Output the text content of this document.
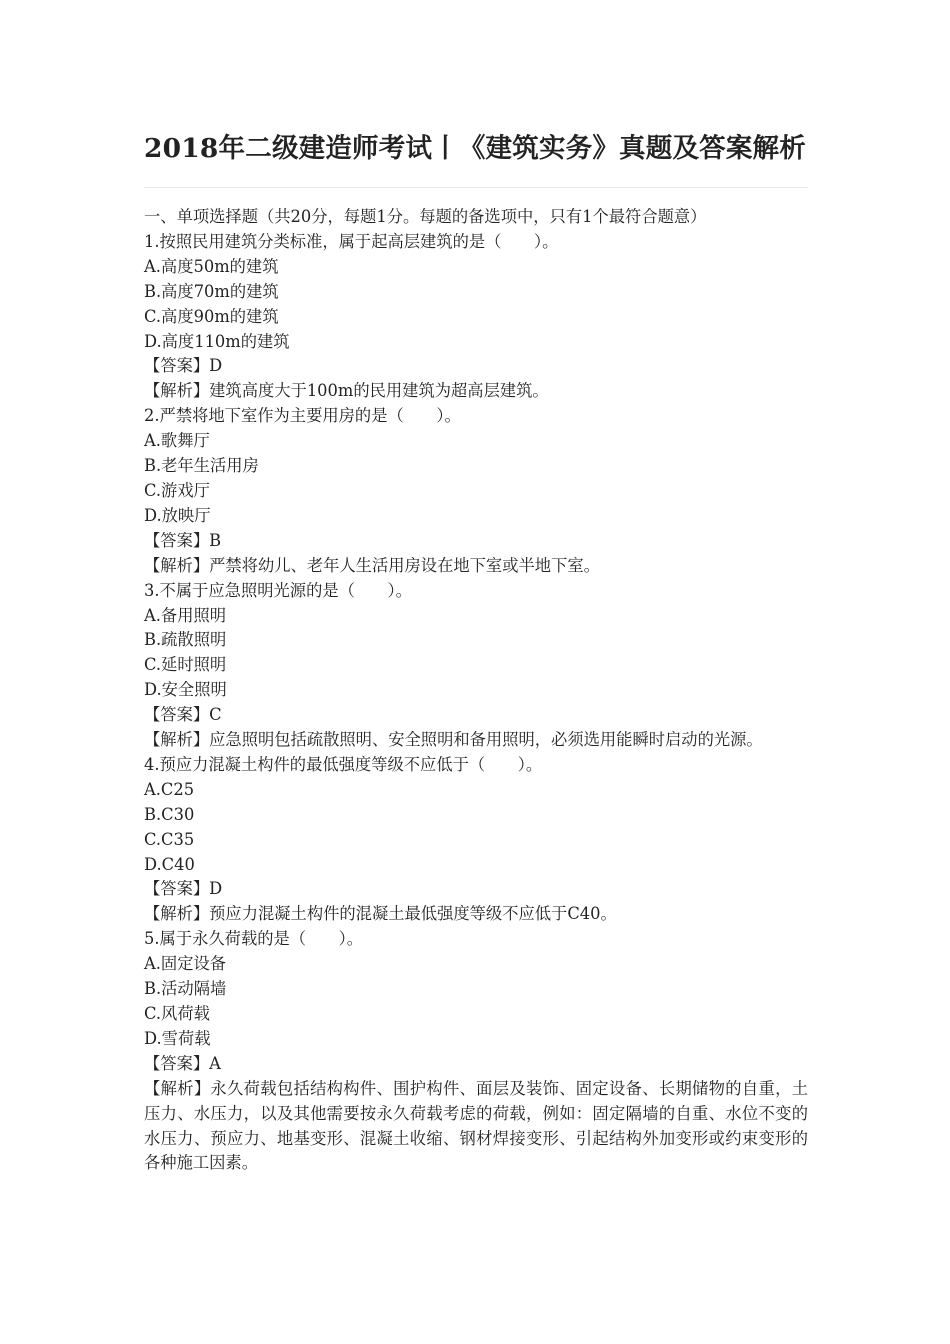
2018年二级建造师考试丨《建筑实务》真题及答案解析

一、单项选择题（共20分，每题1分。每题的备选项中，只有1个最符合题意）

1.按照民用建筑分类标准，属于起高层建筑的是（　　）。

A.高度50m的建筑

B.高度70m的建筑

C.高度90m的建筑

D.高度110m的建筑

【答案】D

【解析】建筑高度大于100m的民用建筑为超高层建筑。

2.严禁将地下室作为主要用房的是（　　）。

A.歌舞厅

B.老年生活用房

C.游戏厅

D.放映厅

【答案】B

【解析】严禁将幼儿、老年人生活用房设在地下室或半地下室。

3.不属于应急照明光源的是（　　）。

A.备用照明

B.疏散照明

C.延时照明

D.安全照明

【答案】C

【解析】应急照明包括疏散照明、安全照明和备用照明，必须选用能瞬时启动的光源。

4.预应力混凝土构件的最低强度等级不应低于（　　）。

A.C25

B.C30

C.C35

D.C40

【答案】D

【解析】预应力混凝土构件的混凝土最低强度等级不应低于C40。

5.属于永久荷载的是（　　）。

A.固定设备

B.活动隔墙

C.风荷载

D.雪荷载

【答案】A

【解析】永久荷载包括结构构件、围护构件、面层及装饰、固定设备、长期储物的自重，土压力、水压力，以及其他需要按永久荷载考虑的荷载，例如：固定隔墙的自重、水位不变的水压力、预应力、地基变形、混凝土收缩、钢材焊接变形、引起结构外加变形或约束变形的各种施工因素。
